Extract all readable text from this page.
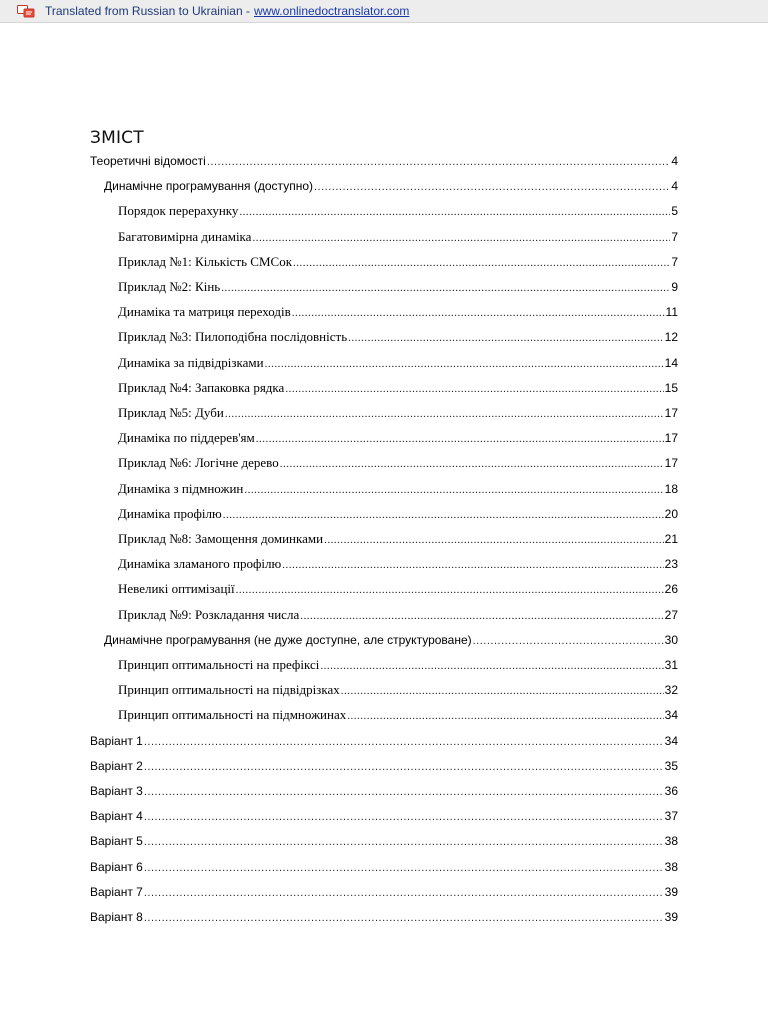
Translated from Russian to Ukrainian - www.onlinedoctranslator.com
ЗМІСТ
Теоретичні відомості .....	4
Динамічне програмування (доступно) .....	4
Порядок перерахунку .....	5
Багатовимірна динаміка .....	7
Приклад №1: Кількість СМСок .....	7
Приклад №2: Кінь .....	9
Динаміка та матриця переходів .....	11
Приклад №3: Пилоподібна послідовність .....	12
Динаміка за підвідрізками .....	14
Приклад №4: Запаковка рядка .....	15
Приклад №5: Дуби .....	17
Динаміка по піддерев'ям .....	17
Приклад №6: Логічне дерево .....	17
Динаміка з підмножин .....	18
Динаміка профілю .....	20
Приклад №8: Замощення доминками .....	21
Динаміка зламаного профілю .....	23
Невеликі оптимізації .....	26
Приклад №9: Розкладання числа .....	27
Динамічне програмування (не дуже доступне, але структуроване) .....	30
Принцип оптимальності на префіксі .....	31
Принцип оптимальності на підвідрізках .....	32
Принцип оптимальності на підмножинах .....	34
Варіант 1 .....	34
Варіант 2 .....	35
Варіант 3 .....	36
Варіант 4 .....	37
Варіант 5 .....	38
Варіант 6 .....	38
Варіант 7 .....	39
Варіант 8 .....	39
